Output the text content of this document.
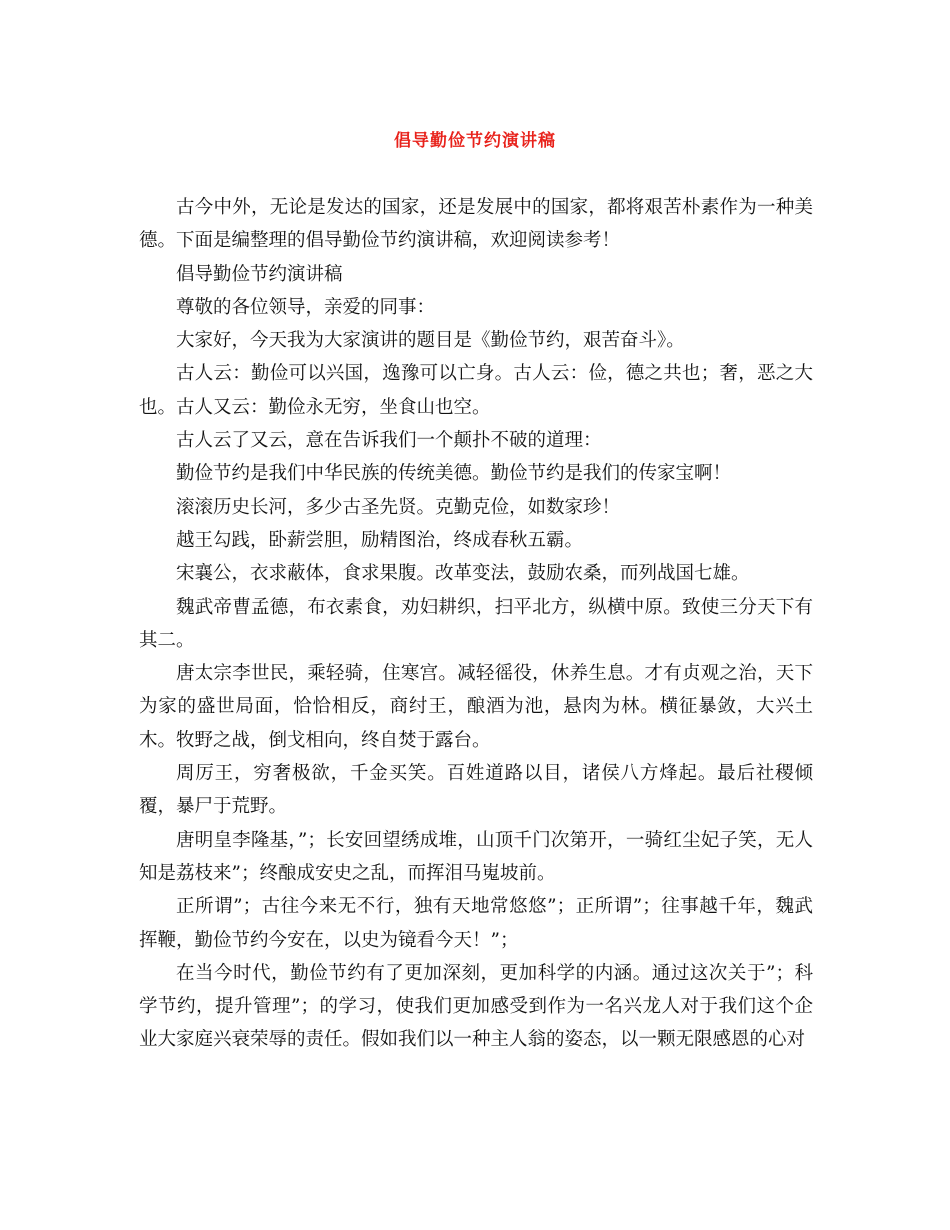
倡导勤俭节约演讲稿

古今中外，无论是发达的国家，还是发展中的国家，都将艰苦朴素作为一种美德。下面是编整理的倡导勤俭节约演讲稿，欢迎阅读参考！

倡导勤俭节约演讲稿

尊敬的各位领导，亲爱的同事：

大家好，今天我为大家演讲的题目是《勤俭节约，艰苦奋斗》。

古人云：勤俭可以兴国，逸豫可以亡身。古人云：俭，德之共也；奢，恶之大也。古人又云：勤俭永无穷，坐食山也空。

古人云了又云，意在告诉我们一个颠扑不破的道理：

勤俭节约是我们中华民族的传统美德。勤俭节约是我们的传家宝啊！

滚滚历史长河，多少古圣先贤。克勤克俭，如数家珍！

越王勾践，卧薪尝胆，励精图治，终成春秋五霸。

宋襄公，衣求蔽体，食求果腹。改革变法，鼓励农桑，而列战国七雄。

魏武帝曹孟德，布衣素食，劝妇耕织，扫平北方，纵横中原。致使三分天下有其二。

唐太宗李世民，乘轻骑，住寒宫。减轻徭役，休养生息。才有贞观之治，天下为家的盛世局面，恰恰相反，商纣王，酿酒为池，悬肉为林。横征暴敛，大兴土木。牧野之战，倒戈相向，终自焚于露台。

周厉王，穷奢极欲，千金买笑。百姓道路以目，诸侯八方烽起。最后社稷倾覆，暴尸于荒野。

唐明皇李隆基，”；长安回望绣成堆，山顶千门次第开，一骑红尘妃子笑，无人知是荔枝来”；终酿成安史之乱，而挥泪马嵬坡前。

正所谓”；古往今来无不行，独有天地常悠悠”；正所谓”；往事越千年，魏武挥鞭，勤俭节约今安在，以史为镜看今天！”；

在当今时代，勤俭节约有了更加深刻，更加科学的内涵。通过这次关于”；科学节约，提升管理”；的学习，使我们更加感受到作为一名兴龙人对于我们这个企业大家庭兴衰荣辱的责任。假如我们以一种主人翁的姿态，以一颗无限感恩的心对
